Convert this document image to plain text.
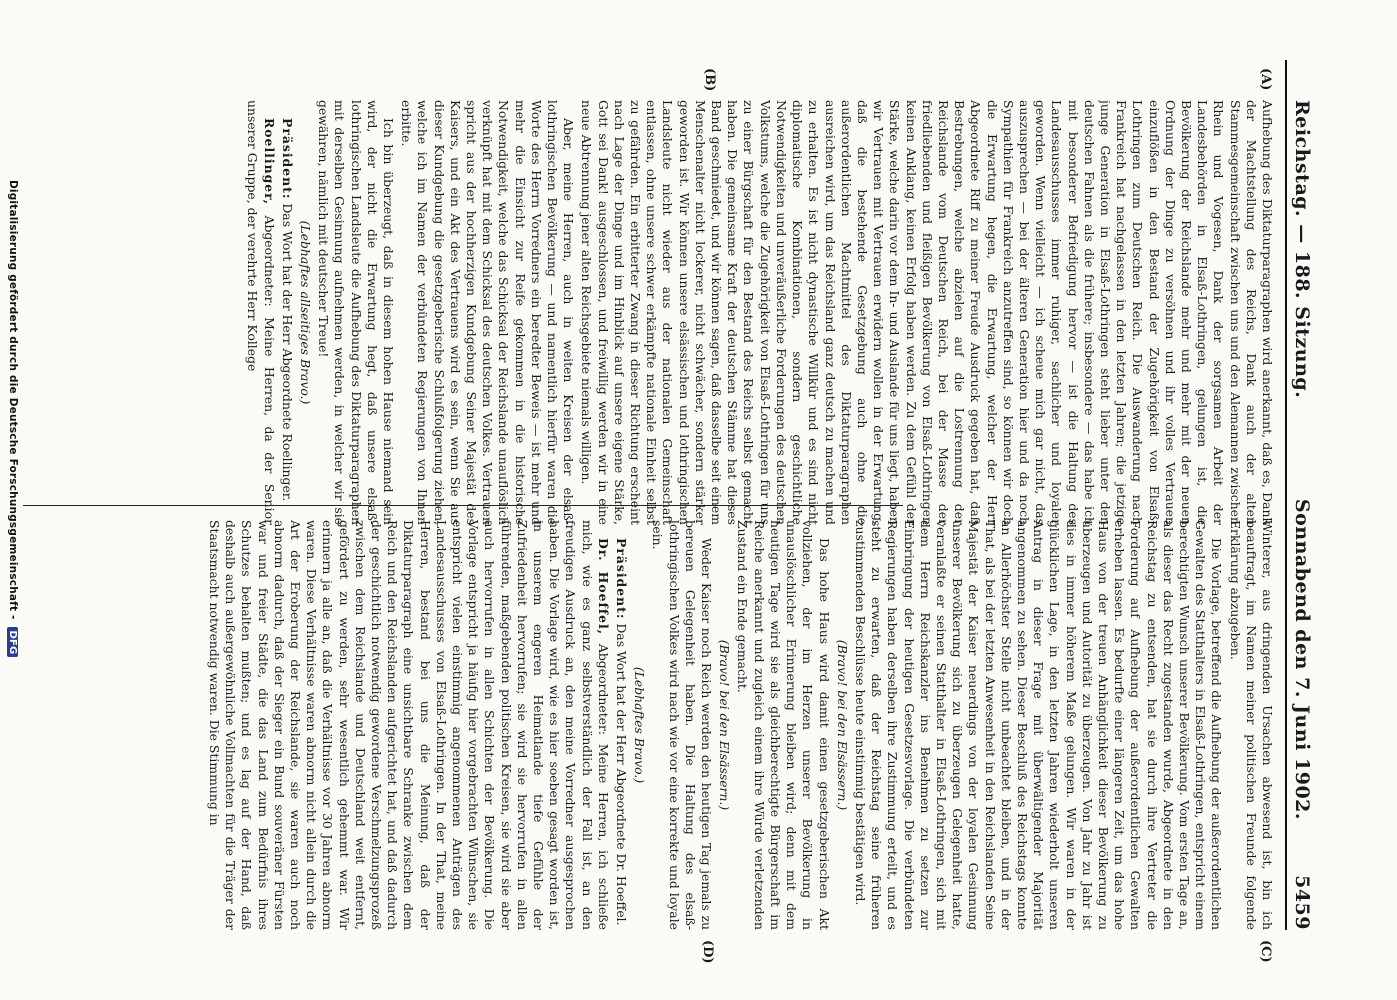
Reichstag. — 188. Sitzung.
Sonnabend den 7. Juni 1902.
5459
(A)
(B)
(C)
(D)

Aufhebung des Diktaturparagraphen wird anerkannt, daß es, Dank der Machtstellung des Reichs, Dank auch der alten Stammesgemeinschaft zwischen uns und den Alemannen zwischen Rhein und Vogesen, Dank der sorgsamen Arbeit der Landesbehörden in Elsaß-Lothringen, gelungen ist, die Bevölkerung der Reichslande mehr und mehr mit der neuen Ordnung der Dinge zu versöhnen und ihr volles Vertrauen einzuflößen in den Bestand der Zugehörigkeit von Elsaß-Lothringen zum Deutschen Reich. Die Auswanderung nach Frankreich hat nachgelassen in den letzten Jahren; die jetzige junge Generation in Elsaß-Lothringen steht lieber unter den deutschen Fahnen als die frühere; insbesondere — das habe ich mit besonderer Befriedigung hervor — ist die Haltung des Landesausschusses immer ruhiger, sachlicher und loyaler geworden. Wenn vielleicht — ich scheue mich gar nicht, das auszusprechen — bei der älteren Generation hier und da noch Sympathien für Frankreich anzutreffen sind, so können wir doch die Erwartung hegen, die Erwartung, welcher der Herr Abgeordnete Riff zu meiner Freude Ausdruck gegeben hat, daß Bestrebungen, welche abzielen auf die Lostrennung der Reichslande vom Deutschen Reich, bei der Masse der friedliebenden und fleißigen Bevölkerung von Elsaß-Lothringen keinen Anklang, keinen Erfolg haben werden. Zu dem Gefühl der Stärke, welche darin vor dem In- und Auslande für uns liegt, haben wir Vertrauen mit Vertrauen erwidern wollen in der Erwartung, daß die bestehende Gesetzgebung auch ohne die außerordentlichen Machtmittel des Diktaturparagraphen ausreichen wird, um das Reichsland ganz deutsch zu machen und zu erhalten. Es ist nicht dynastische Willkür und es sind nicht diplomatische Kombinationen, sondern geschichtliche Notwendigkeiten und unveräußerliche Forderungen des deutschen Volkstums, welche die Zugehörigkeit von Elsaß-Lothringen für uns zu einer Bürgschaft für den Bestand des Reichs selbst gemacht haben. Die gemeinsame Kraft der deutschen Stämme hat dieses Band geschmiedet, und wir können sagen, daß dasselbe seit einem Menschenalter nicht lockerer, nicht schwächer, sondern stärker geworden ist. Wir können unsere elsässischen und lothringischen Landsleute nicht wieder aus der nationalen Gemeinschaft entlassen, ohne unsere schwer erkämpfte nationale Einheit selbst zu gefährden. Ein erbitterter Zwang in dieser Richtung erscheint nach Lage der Dinge und im Hinblick auf unsere eigene Stärke, Gott sei Dank! ausgeschlossen, und freiwillig werden wir in eine neue Abtrennung jener alten Reichsgebiete niemals willigen.

Aber, meine Herren, auch in weiten Kreisen der elsaß-lothringischen Bevölkerung — und namentlich hierfür waren die Worte des Herrn Vorredners ein beredter Beweis — ist mehr und mehr die Einsicht zur Reife gekommen in die historische Notwendigkeit, welche das Schicksal der Reichslande unauflöslich verknüpft hat mit dem Schicksal des deutschen Volkes. Vertrauen spricht aus der hochherzigen Kundgebung Seiner Majestät des Kaisers, und ein Akt des Vertrauens wird es sein, wenn Sie aus dieser Kundgebung die gesetzgeberische Schlußfolgerung ziehen, welche ich im Namen der verbündeten Regierungen von Ihnen erbitte.

Ich bin überzeugt, daß in diesem hohen Hause niemand sein wird, der nicht die Erwartung hegt, daß unsere elsaß-lothringischen Landsleute die Aufhebung des Diktaturparagraphen mit derselben Gesinnung aufnehmen werden, in welcher wir sie gewähren, nämlich mit deutscher Treue!

(Lebhaftes allseitiges Bravo.)

Präsident: Das Wort hat der Herr Abgeordnete Roellinger.

Roellinger, Abgeordneter: Meine Herren, da der Senior unserer Gruppe, der verehrte Herr Kollege

Winterer, aus dringenden Ursachen abwesend ist, bin ich beauftragt, im Namen meiner politischen Freunde folgende Erklärung abzugeben.

Die Vorlage, betreffend die Aufhebung der außerordentlichen Gewalten des Statthalters in Elsaß-Lothringen, entspricht einem berechtigten Wunsch unserer Bevölkerung. Vom ersten Tage an, als dieser das Recht zugestanden wurde, Abgeordnete in den Reichstag zu entsenden, hat sie durch ihre Vertreter die Forderung auf Aufhebung der außerordentlichen Gewalten erheben lassen. Es bedurfte einer längeren Zeit, um das hohe Haus von der treuen Anhänglichkeit dieser Bevölkerung zu überzeugen und Autorität zu überzeugen. Von Jahr zu Jahr ist dies in immer höherem Maße gelungen. Wir waren in der glücklichen Lage, in den letzten Jahren wiederholt unseren Antrag in dieser Frage mit überwältigender Majorität angenommen zu sehen. Dieser Beschluß des Reichstags konnte an Allerhöchster Stelle nicht unbeachtet bleiben, und in der That, als bei der letzten Anwesenheit in den Reichslanden Seine Majestät der Kaiser neuerdings von der loyalen Gesinnung unserer Bevölkerung sich zu überzeugen Gelegenheit hatte, veranlaßte er seinen Statthalter in Elsaß-Lothringen, sich mit dem Herrn Reichskanzler ins Benehmen zu setzen zur Einbringung der heutigen Gesetzesvorlage. Die verbündeten Regierungen haben derselben ihre Zustimmung erteilt, und es steht zu erwarten, daß der Reichstag seine früheren zustimmenden Beschlüsse heute einstimmig bestätigen wird.

(Bravo! bei den Elsässern.)

Das hohe Haus wird damit einen gesetzgeberischen Akt vollziehen, der im Herzen unserer Bevölkerung in unauslöschlicher Erinnerung bleiben wird; denn mit dem heutigen Tage wird sie als gleichberechtigte Bürgerschaft im Reiche anerkannt und zugleich einem ihre Würde verletzenden Zustand ein Ende gemacht.

(Bravo! bei den Elsässern.)

Weder Kaiser noch Reich werden den heutigen Tag jemals zu bereuen Gelegenheit haben. Die Haltung des elsaß-lothringischen Volkes wird nach wie vor eine korrekte und loyale sein.

(Lebhaftes Bravo.)

Präsident: Das Wort hat der Herr Abgeordnete Dr. Hoeffel.

Dr. Hoeffel, Abgeordneter: Meine Herren, ich schließe mich, wie es ganz selbstverständlich der Fall ist, an den freudigen Ausdruck an, den meine Vorredner ausgesprochen haben. Die Vorlage wird, wie es hier soeben gesagt worden ist, in unserem engeren Heimatlande tiefe Gefühle der Zufriedenheit hervorrufen; sie wird sie hervorrufen in allen führenden, maßgebenden politischen Kreisen, sie wird sie aber auch hervorrufen in allen Schichten der Bevölkerung. Die Vorlage entspricht ja häufig hier vorgebrachten Wünschen, sie entspricht vielen einstimmig angenommenen Anträgen des Landesausschusses von Elsaß-Lothringen. In der That, meine Herren, bestand bei uns die Meinung, daß der Diktaturparagraph eine unsichtbare Schranke zwischen dem Reich und den Reichslanden aufgerichtet hat, und daß dadurch der geschichtlich notwendig gewordene Verschmelzungsprozeß zwischen dem Reichslande und Deutschland weit entfernt, gefördert zu werden, sehr wesentlich gehemmt war. Wir erinnern ja alle an, daß die Verhältnisse vor 30 Jahren abnorm waren. Diese Verhältnisse waren abnorm nicht allein durch die Art der Eroberung der Reichslande, sie waren auch noch abnorm dadurch, daß der Sieger ein Bund souveräner Fürsten war und freier Städte, die das Land zum Bedürfnis ihres Schutzes behalten mußten; und es lag auf der Hand, daß deshalb auch außergewöhnliche Vollmachten für die Träger der Staatsmacht notwendig waren. Die Stimmung in

Digitalisierung gefördert durch die Deutsche Forschungsgemeinschaft - DFG
